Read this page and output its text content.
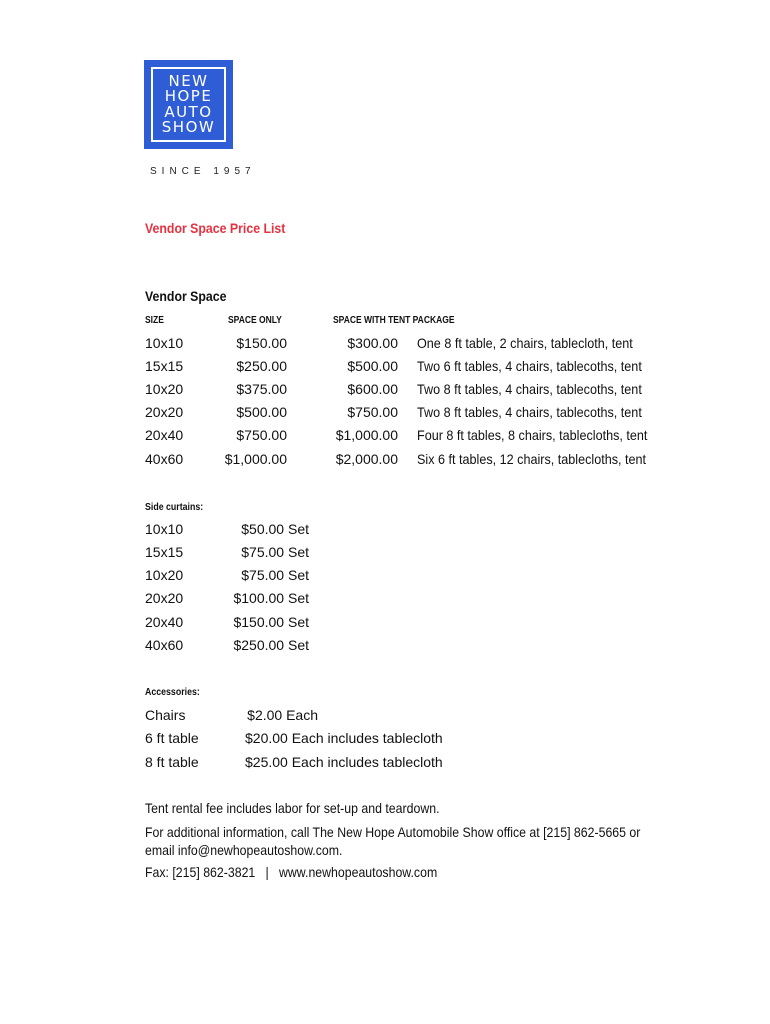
NEW
HOPE
AUTO
SHOW
SINCE 1957
Vendor Space Price List
Vendor Space
SIZE	SPACE ONLY	SPACE WITH TENT PACKAGE
10x10	$150.00	$300.00 One 8 ft table, 2 chairs, tablecloth, tent
15x15	$250.00	$500.00 Two 6 ft tables, 4 chairs, tablecoths, tent
10x20	$375.00	$600.00 Two 8 ft tables, 4 chairs, tablecoths, tent
20x20	$500.00	$750.00 Two 8 ft tables, 4 chairs, tablecoths, tent
20x40	$750.00	$1,000.00 Four 8 ft tables, 8 chairs, tablecloths, tent
40x60	$1,000.00	$2,000.00 Six 6 ft tables, 12 chairs, tablecloths, tent
Side curtains:
10x10	$50.00 Set
15x15	$75.00 Set
10x20	$75.00 Set
20x20	$100.00 Set
20x40	$150.00 Set
40x60	$250.00 Set
Accessories:
Chairs	$2.00 Each
6 ft table	$20.00 Each includes tablecloth
8 ft table	$25.00 Each includes tablecloth
Tent rental fee includes labor for set-up and teardown.
For additional information, call The New Hope Automobile Show office at [215] 862-5665 or
email info@newhopeautoshow.com.
Fax: [215] 862-3821   |   www.newhopeautoshow.com
